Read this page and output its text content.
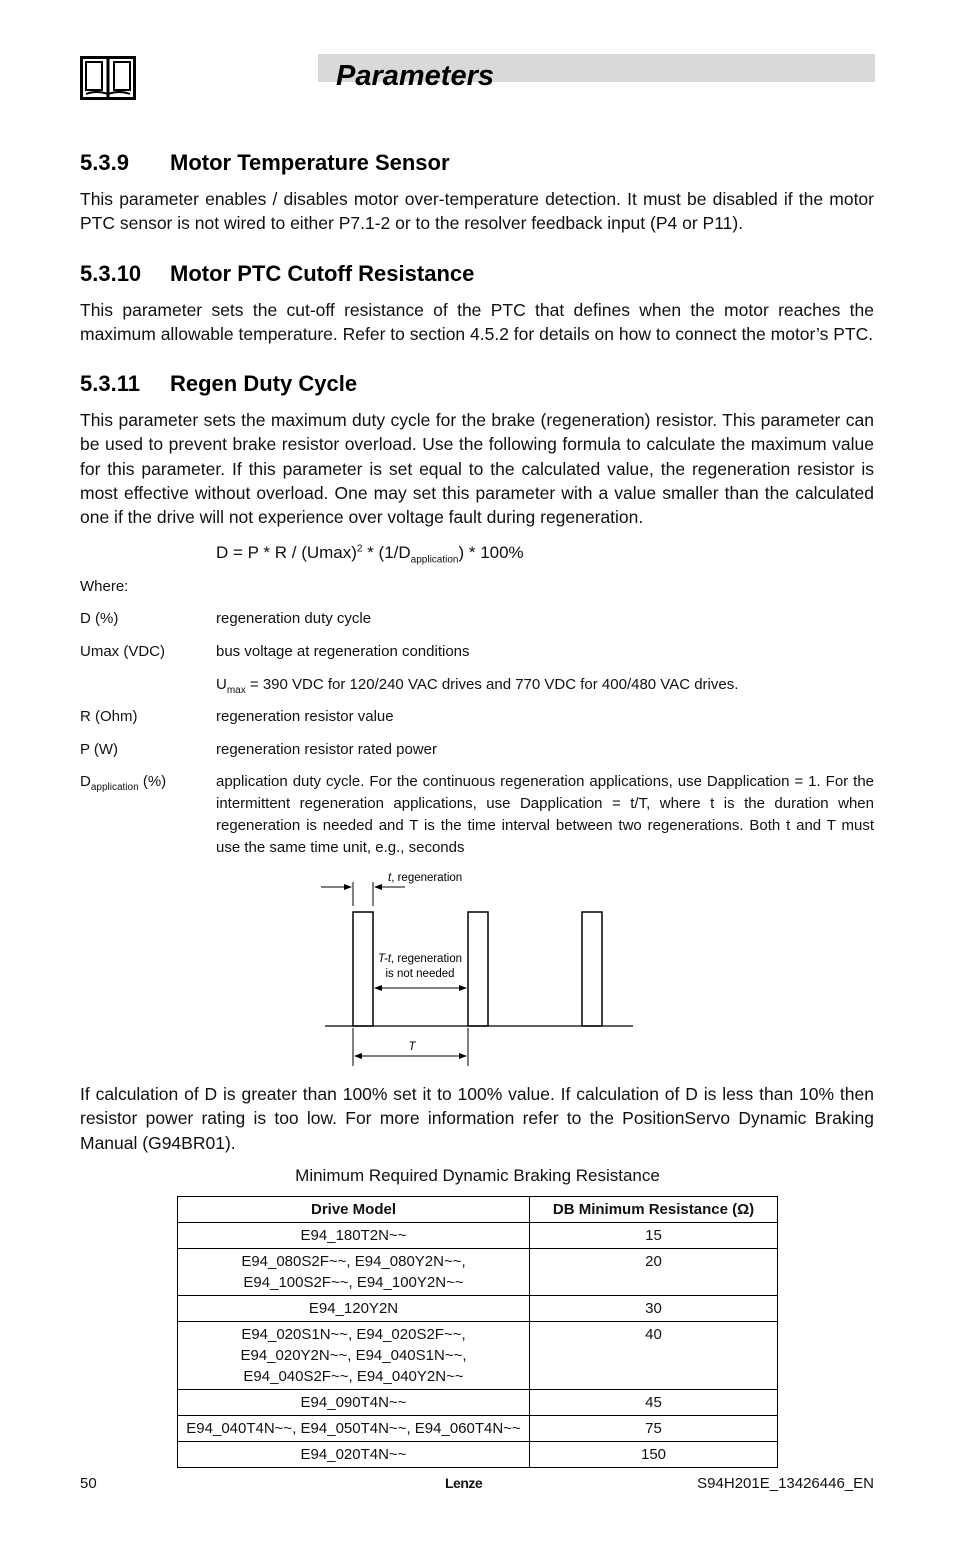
Parameters
5.3.9 Motor Temperature Sensor
This parameter enables / disables motor over-temperature detection. It must be disabled if the motor PTC sensor is not wired to either P7.1-2 or to the resolver feedback input (P4 or P11).
5.3.10 Motor PTC Cutoff Resistance
This parameter sets the cut-off resistance of the PTC that defines when the motor reaches the maximum allowable temperature. Refer to section 4.5.2 for details on how to connect the motor’s PTC.
5.3.11 Regen Duty Cycle
This parameter sets the maximum duty cycle for the brake (regeneration) resistor. This parameter can be used to prevent brake resistor overload. Use the following formula to calculate the maximum value for this parameter. If this parameter is set equal to the calculated value, the regeneration resistor is most effective without overload. One may set this parameter with a value smaller than the calculated one if the drive will not experience over voltage fault during regeneration.
$D = P * R / (Umax)^2 * (1/D_{application}) * 100\%$
Where:
D (%)	regeneration duty cycle
Umax (VDC)	bus voltage at regeneration conditions
$U_{max} = 390$ VDC for 120/240 VAC drives and 770 VDC for 400/480 VAC drives.
R (Ohm)	regeneration resistor value
P (W)	regeneration resistor rated power
$D_{application}$ (%)	application duty cycle. For the continuous regeneration applications, use Dapplication = 1. For the intermittent regeneration applications, use Dapplication = t/T, where t is the duration when regeneration is needed and T is the time interval between two regenerations. Both t and T must use the same time unit, e.g., seconds
t, regeneration
T-t, regeneration
is not needed
T
If calculation of D is greater than 100% set it to 100% value. If calculation of D is less than 10% then resistor power rating is too low. For more information refer to the PositionServo Dynamic Braking Manual (G94BR01).
Minimum Required Dynamic Braking Resistance
Drive Model	DB Minimum Resistance (Ω)
E94_180T2N~~	15
E94_080S2F~~, E94_080Y2N~~,
E94_100S2F~~, E94_100Y2N~~	20
E94_120Y2N	30
E94_020S1N~~, E94_020S2F~~,
E94_020Y2N~~, E94_040S1N~~,
E94_040S2F~~, E94_040Y2N~~	40
E94_090T4N~~	45
E94_040T4N~~, E94_050T4N~~, E94_060T4N~~	75
E94_020T4N~~	150
50	Lenze	S94H201E_13426446_EN
